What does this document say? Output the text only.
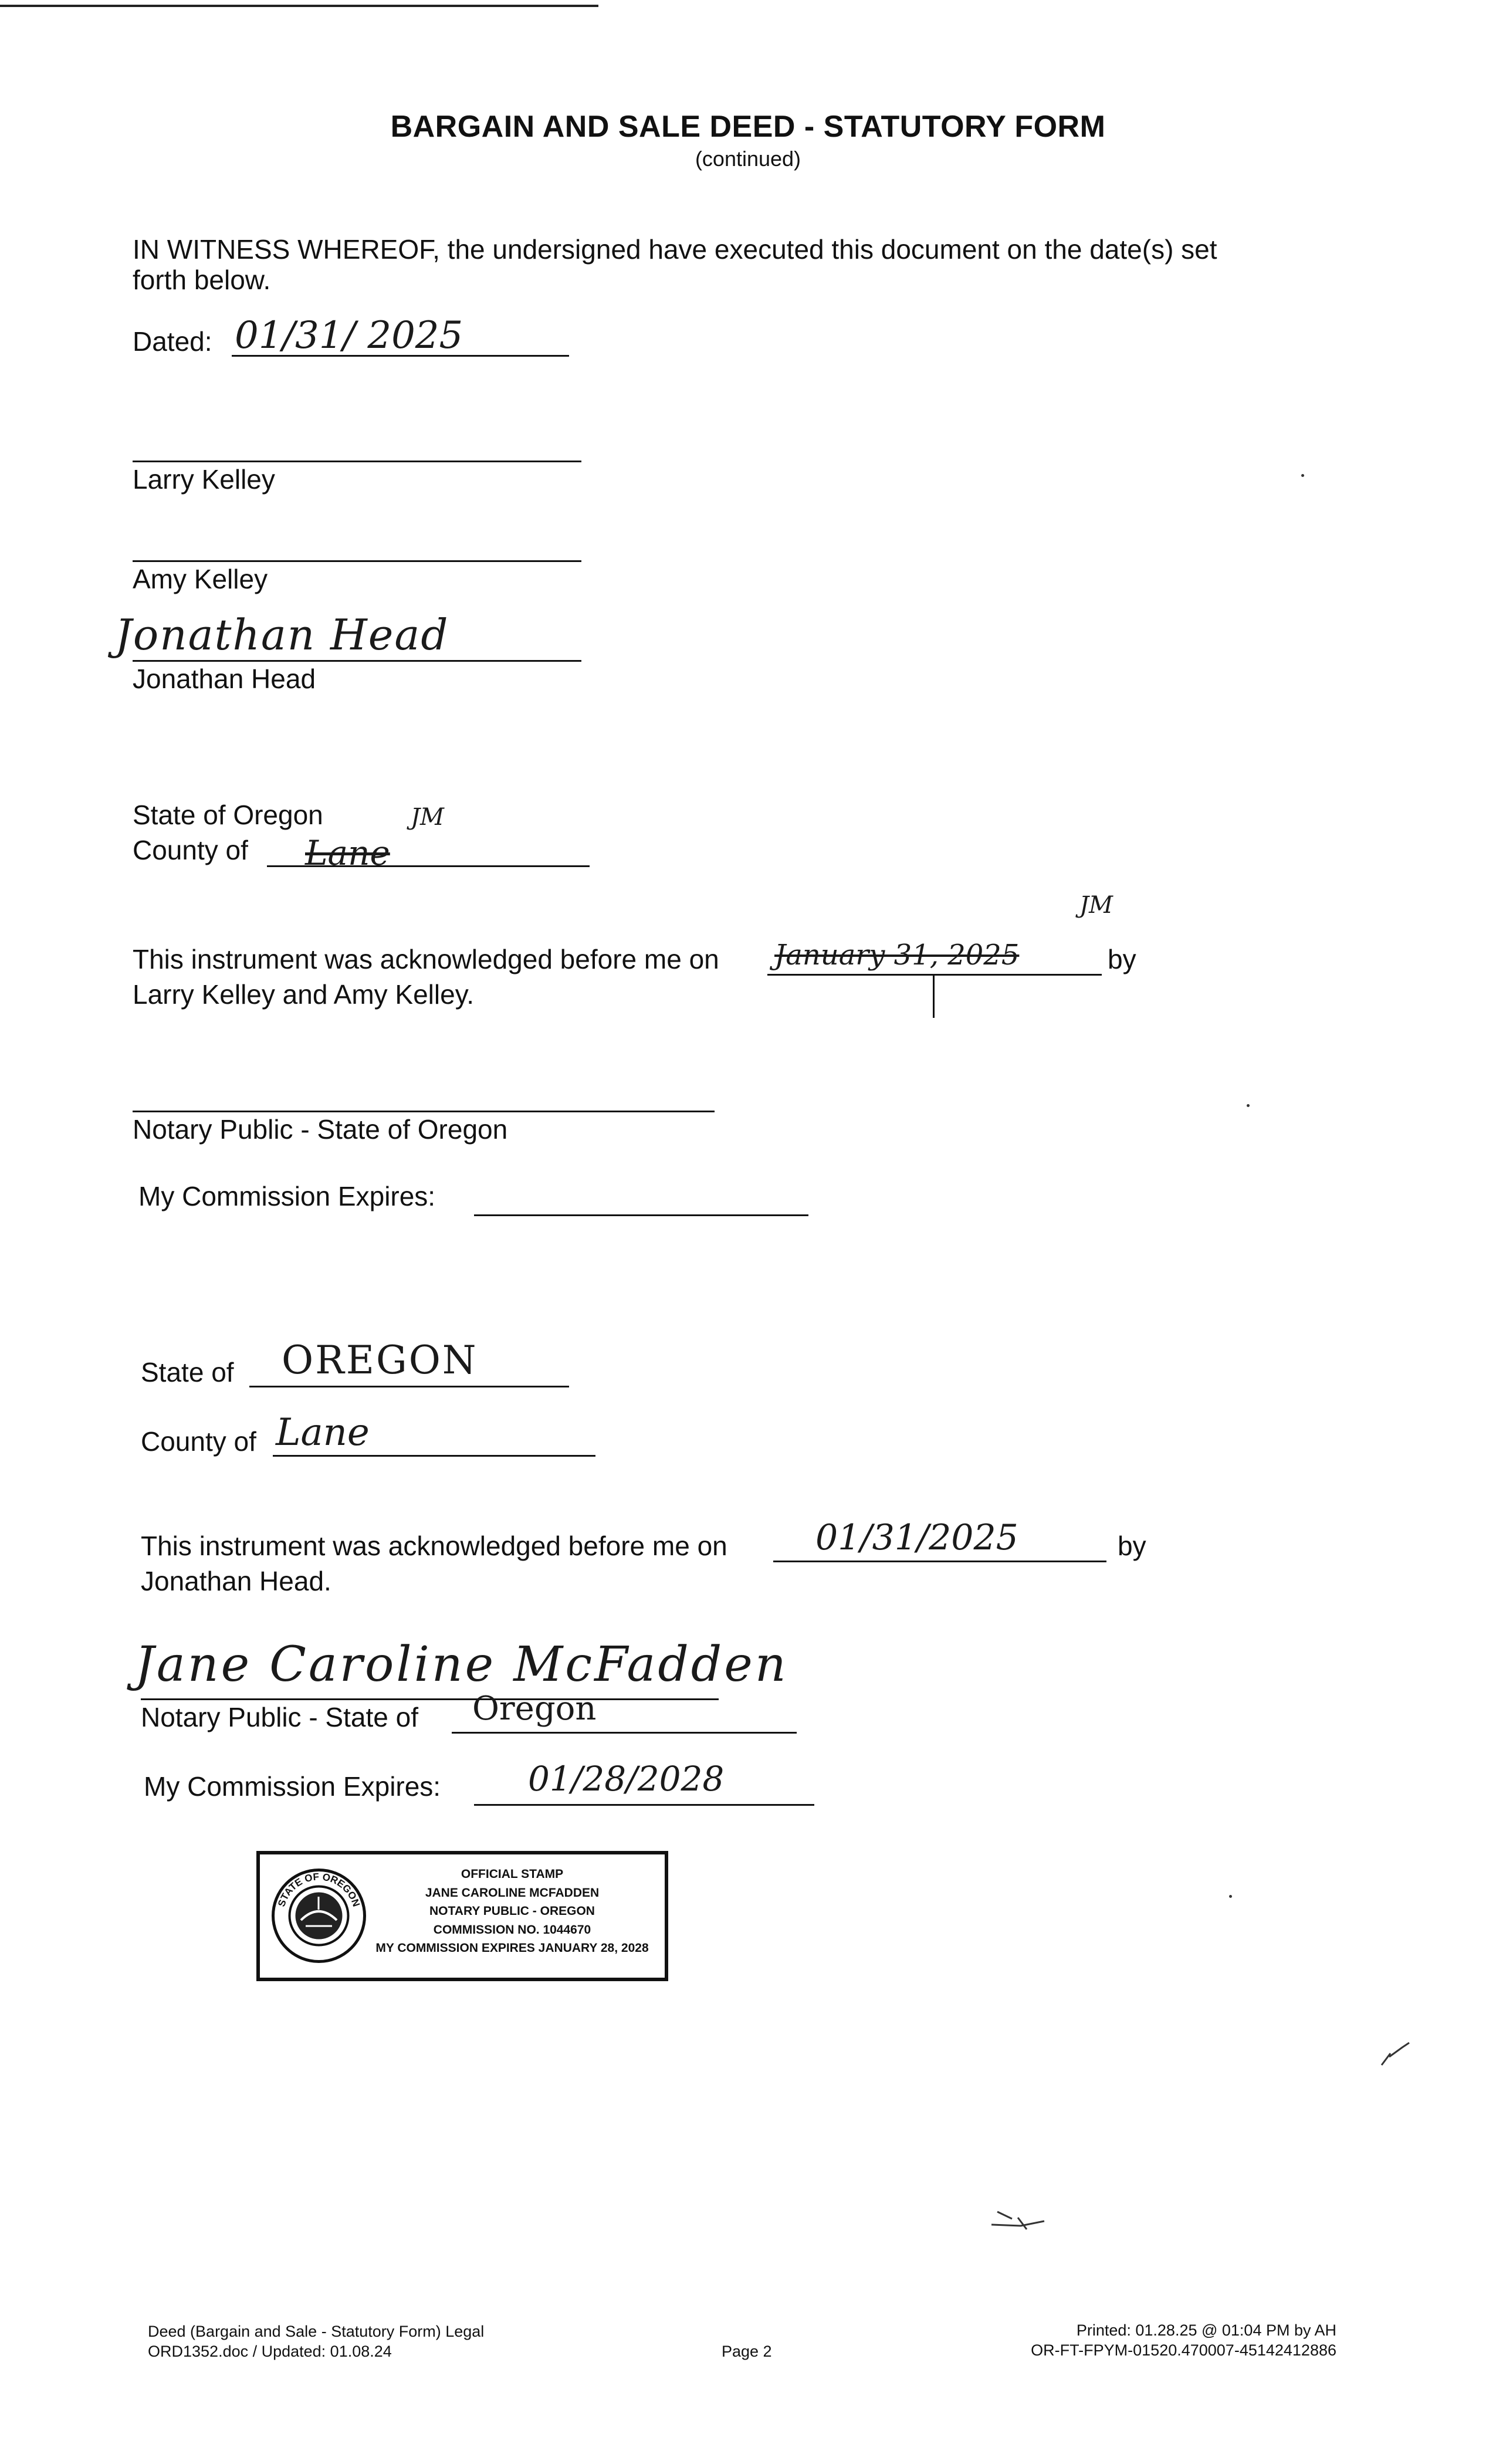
BARGAIN AND SALE DEED - STATUTORY FORM
(continued)
IN WITNESS WHEREOF, the undersigned have executed this document on the date(s) set
forth below.
Dated: 01/31/ 2025
Larry Kelley
Amy Kelley
Jonathan Head
Jonathan Head
State of Oregon	JM
County of Lane
JM
This instrument was acknowledged before me on January 31, 2025	by
Larry Kelley and Amy Kelley.
Notary Public - State of Oregon
My Commission Expires:
State of OREGON
County of Lane
This instrument was acknowledged before me on	01/31/2025	by
Jonathan Head.
Jane Caroline McFadden
Notary Public - State of Oregon
My Commission Expires:	01/28/2028
STATE OF OREGON
OFFICIAL STAMP
JANE CAROLINE MCFADDEN
NOTARY PUBLIC - OREGON
COMMISSION NO. 1044670
MY COMMISSION EXPIRES JANUARY 28, 2028
Deed (Bargain and Sale - Statutory Form) Legal
ORD1352.doc / Updated: 01.08.24	Page 2
Printed: 01.28.25 @ 01:04 PM by AH
OR-FT-FPYM-01520.470007-45142412886
